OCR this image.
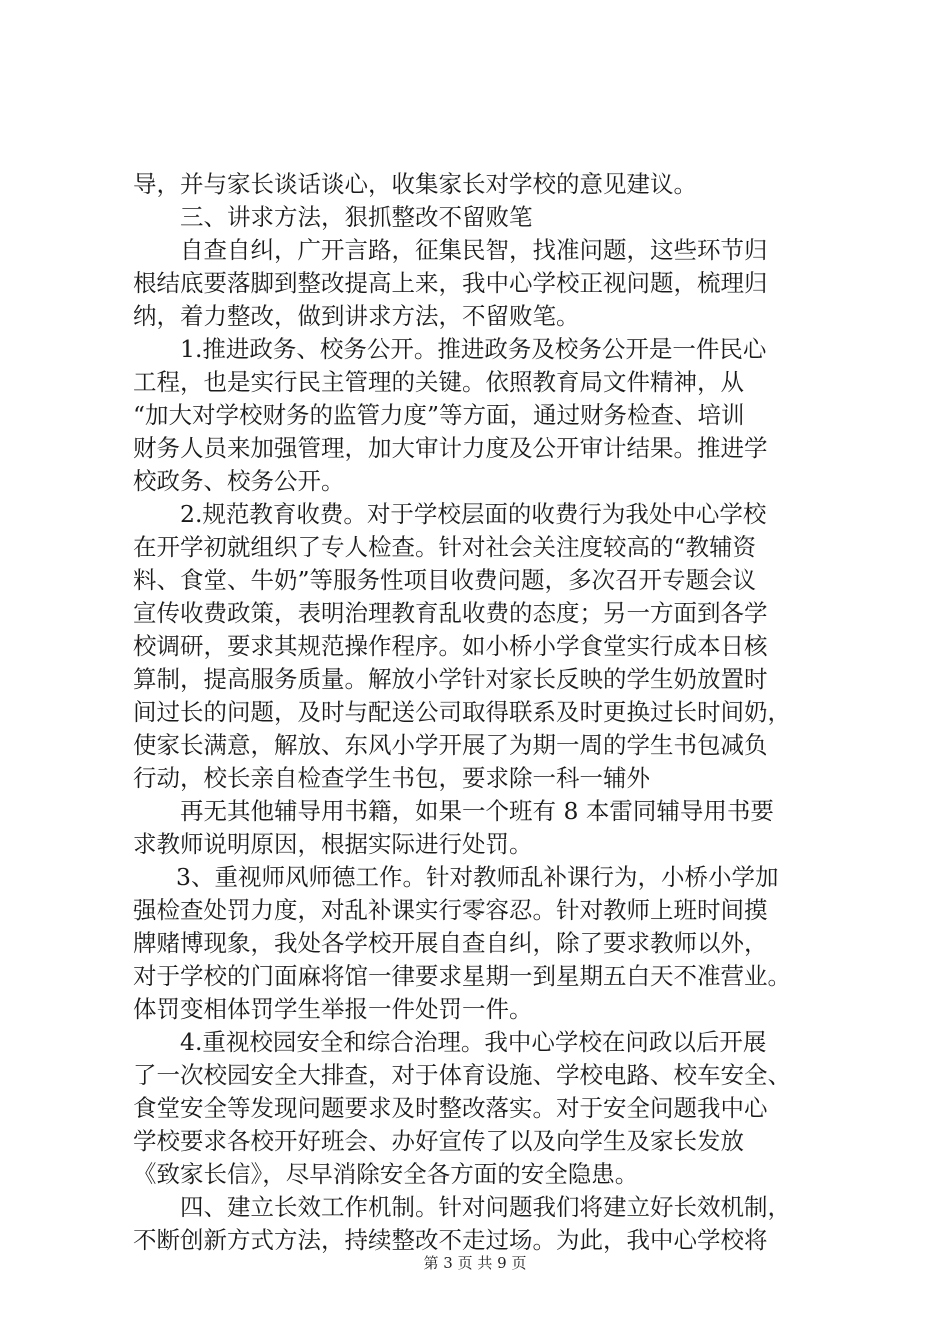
导，并与家长谈话谈心，收集家长对学校的意见建议。
三、讲求方法，狠抓整改不留败笔
自查自纠，广开言路，征集民智，找准问题，这些环节归
根结底要落脚到整改提高上来，我中心学校正视问题，梳理归
纳，着力整改，做到讲求方法，不留败笔。
1.推进政务、校务公开。推进政务及校务公开是一件民心
工程，也是实行民主管理的关键。依照教育局文件精神，从
“加大对学校财务的监管力度”等方面，通过财务检查、培训
财务人员来加强管理，加大审计力度及公开审计结果。推进学
校政务、校务公开。
2.规范教育收费。对于学校层面的收费行为我处中心学校
在开学初就组织了专人检查。针对社会关注度较高的“教辅资
料、食堂、牛奶”等服务性项目收费问题，多次召开专题会议
宣传收费政策，表明治理教育乱收费的态度；另一方面到各学
校调研，要求其规范操作程序。如小桥小学食堂实行成本日核
算制，提高服务质量。解放小学针对家长反映的学生奶放置时
间过长的问题，及时与配送公司取得联系及时更换过长时间奶，
使家长满意，解放、东风小学开展了为期一周的学生书包减负
行动，校长亲自检查学生书包，要求除一科一辅外
再无其他辅导用书籍，如果一个班有 8 本雷同辅导用书要
求教师说明原因，根据实际进行处罚。
3、重视师风师德工作。针对教师乱补课行为，小桥小学加
强检查处罚力度，对乱补课实行零容忍。针对教师上班时间摸
牌赌博现象，我处各学校开展自查自纠，除了要求教师以外，
对于学校的门面麻将馆一律要求星期一到星期五白天不准营业。
体罚变相体罚学生举报一件处罚一件。
4.重视校园安全和综合治理。我中心学校在问政以后开展
了一次校园安全大排查，对于体育设施、学校电路、校车安全、
食堂安全等发现问题要求及时整改落实。对于安全问题我中心
学校要求各校开好班会、办好宣传了以及向学生及家长发放
《致家长信》，尽早消除安全各方面的安全隐患。
四、建立长效工作机制。针对问题我们将建立好长效机制，
不断创新方式方法，持续整改不走过场。为此，我中心学校将
第 3 页 共 9 页
